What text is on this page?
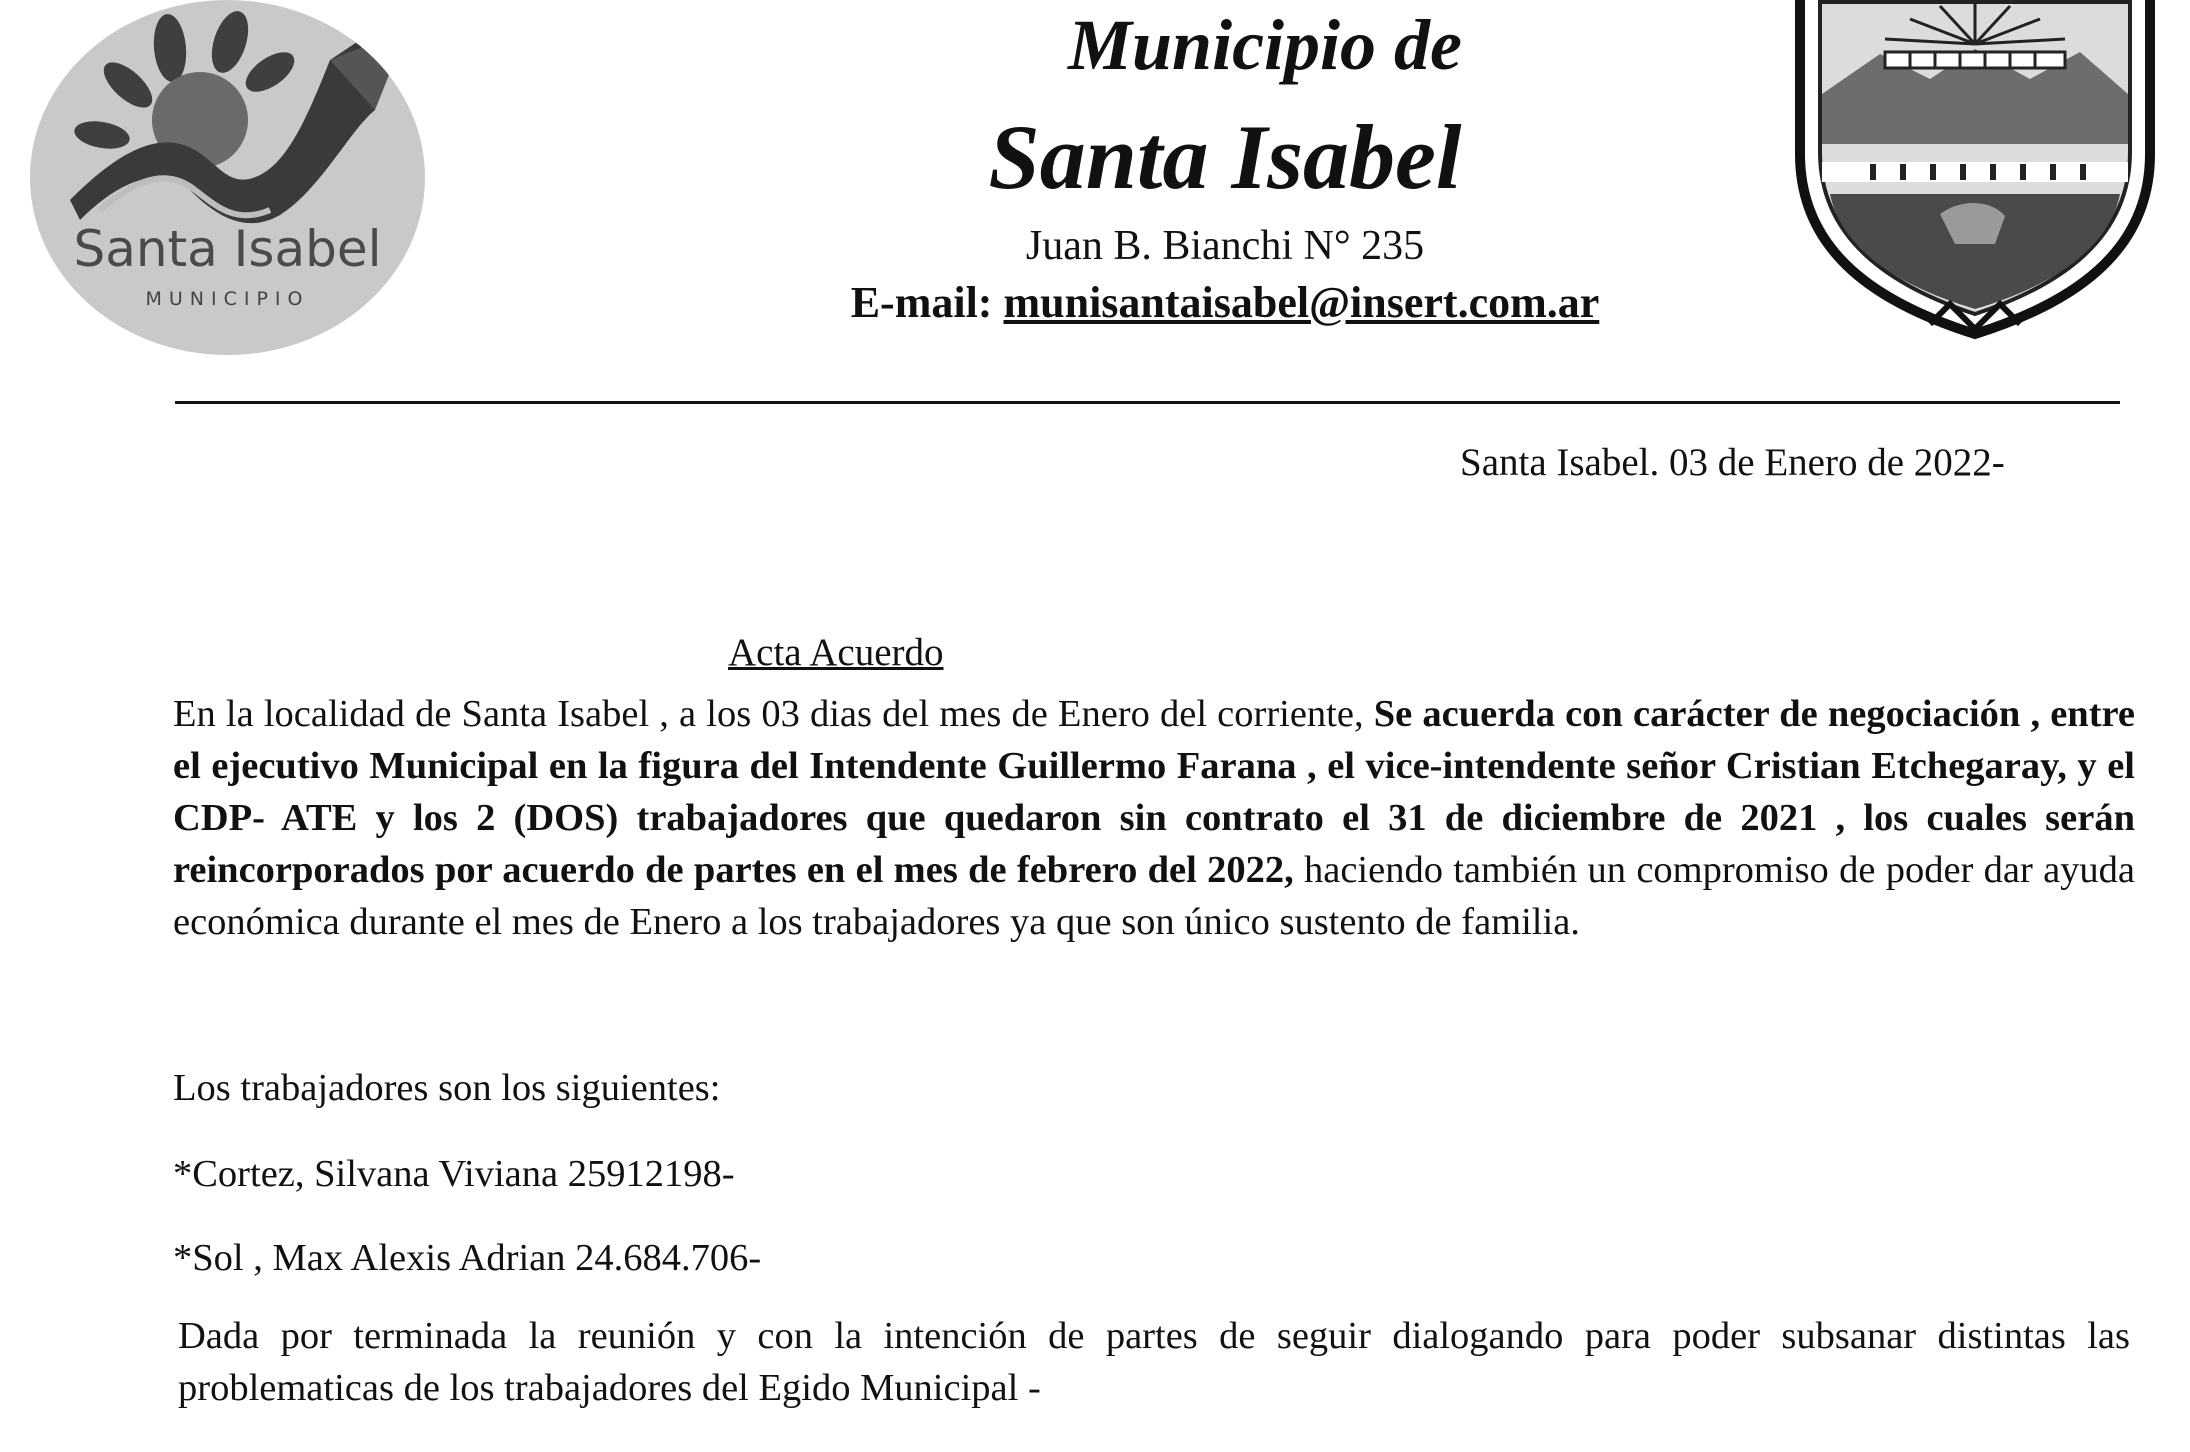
Santa Isabel
MUNICIPIO
Municipio de
Santa Isabel
Juan B. Bianchi N° 235
E-mail: munisantaisabel@insert.com.ar
Santa Isabel. 03 de Enero de 2022-
Acta Acuerdo
En la localidad de Santa Isabel , a los 03 dias del mes de Enero del corriente, Se acuerda con carácter de negociación , entre el ejecutivo Municipal en la figura del Intendente Guillermo Farana , el vice-intendente señor Cristian Etchegaray, y el CDP- ATE y los 2 (DOS) trabajadores que quedaron sin contrato el 31 de diciembre de 2021 , los cuales serán reincorporados por acuerdo de partes en el mes de febrero del 2022, haciendo también un compromiso de poder dar ayuda económica durante el mes de Enero a los trabajadores ya que son único sustento de familia.
Los trabajadores son los siguientes:
*Cortez, Silvana Viviana 25912198-
*Sol , Max Alexis Adrian 24.684.706-
Dada por terminada la reunión y con la intención de partes de seguir dialogando para poder subsanar distintas las problematicas de los trabajadores del Egido Municipal -
